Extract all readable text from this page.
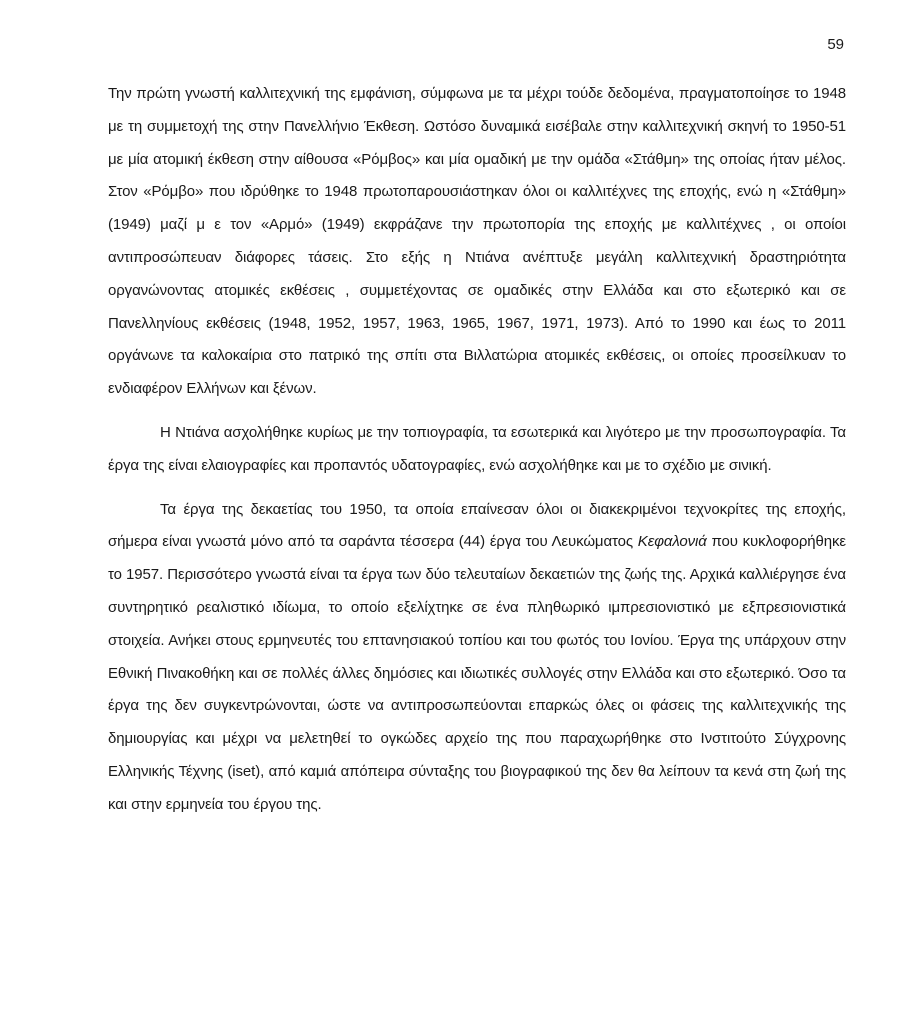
59

Την πρώτη γνωστή καλλιτεχνική της εμφάνιση, σύμφωνα με τα μέχρι τούδε δεδομένα, πραγματοποίησε το 1948 με τη συμμετοχή της στην Πανελλήνιο Έκθεση. Ωστόσο δυναμικά εισέβαλε στην καλλιτεχνική σκηνή το 1950-51 με μία ατομική έκθεση στην αίθουσα «Ρόμβος» και μία ομαδική με την ομάδα «Στάθμη» της οποίας ήταν μέλος. Στον «Ρόμβο» που ιδρύθηκε το 1948 πρωτοπαρουσιάστηκαν όλοι οι καλλιτέχνες της εποχής, ενώ η «Στάθμη» (1949) μαζί μ ε τον «Αρμό» (1949) εκφράζανε την πρωτοπορία της εποχής με καλλιτέχνες , οι οποίοι αντιπροσώπευαν διάφορες τάσεις. Στο εξής η Ντιάνα ανέπτυξε μεγάλη καλλιτεχνική δραστηριότητα οργανώνοντας ατομικές εκθέσεις , συμμετέχοντας σε ομαδικές στην Ελλάδα και στο εξωτερικό και σε Πανελληνίους εκθέσεις (1948, 1952, 1957, 1963, 1965, 1967, 1971, 1973). Από το 1990 και έως το 2011 οργάνωνε τα καλοκαίρια στο πατρικό της σπίτι στα Βιλλατώρια ατομικές εκθέσεις, οι οποίες προσείλκυαν το ενδιαφέρον Ελλήνων και ξένων.

Η Ντιάνα ασχολήθηκε κυρίως με την τοπιογραφία, τα εσωτερικά και λιγότερο με την προσωπογραφία. Τα έργα της είναι ελαιογραφίες και προπαντός υδατογραφίες, ενώ ασχολήθηκε και με το σχέδιο με σινική.

Τα έργα της δεκαετίας του 1950, τα οποία επαίνεσαν όλοι οι διακεκριμένοι τεχνοκρίτες της εποχής, σήμερα είναι γνωστά μόνο από τα σαράντα τέσσερα (44) έργα του Λευκώματος Κεφαλονιά που κυκλοφορήθηκε το 1957. Περισσότερο γνωστά είναι τα έργα των δύο τελευταίων δεκαετιών της ζωής της. Αρχικά καλλιέργησε ένα συντηρητικό ρεαλιστικό ιδίωμα, το οποίο εξελίχτηκε σε ένα πληθωρικό ιμπρεσιονιστικό με εξπρεσιονιστικά στοιχεία. Ανήκει στους ερμηνευτές του επτανησιακού τοπίου και του φωτός του Ιονίου. Έργα της υπάρχουν στην Εθνική Πινακοθήκη και σε πολλές άλλες δημόσιες και ιδιωτικές συλλογές στην Ελλάδα και στο εξωτερικό. Όσο τα έργα της δεν συγκεντρώνονται, ώστε να αντιπροσωπεύονται επαρκώς όλες οι φάσεις της καλλιτεχνικής της δημιουργίας και μέχρι να μελετηθεί το ογκώδες αρχείο της που παραχωρήθηκε στο Ινστιτούτο Σύγχρονης Ελληνικής Τέχνης (iset), από καμιά απόπειρα σύνταξης του βιογραφικού της δεν θα λείπουν τα κενά στη ζωή της και στην ερμηνεία του έργου της.
